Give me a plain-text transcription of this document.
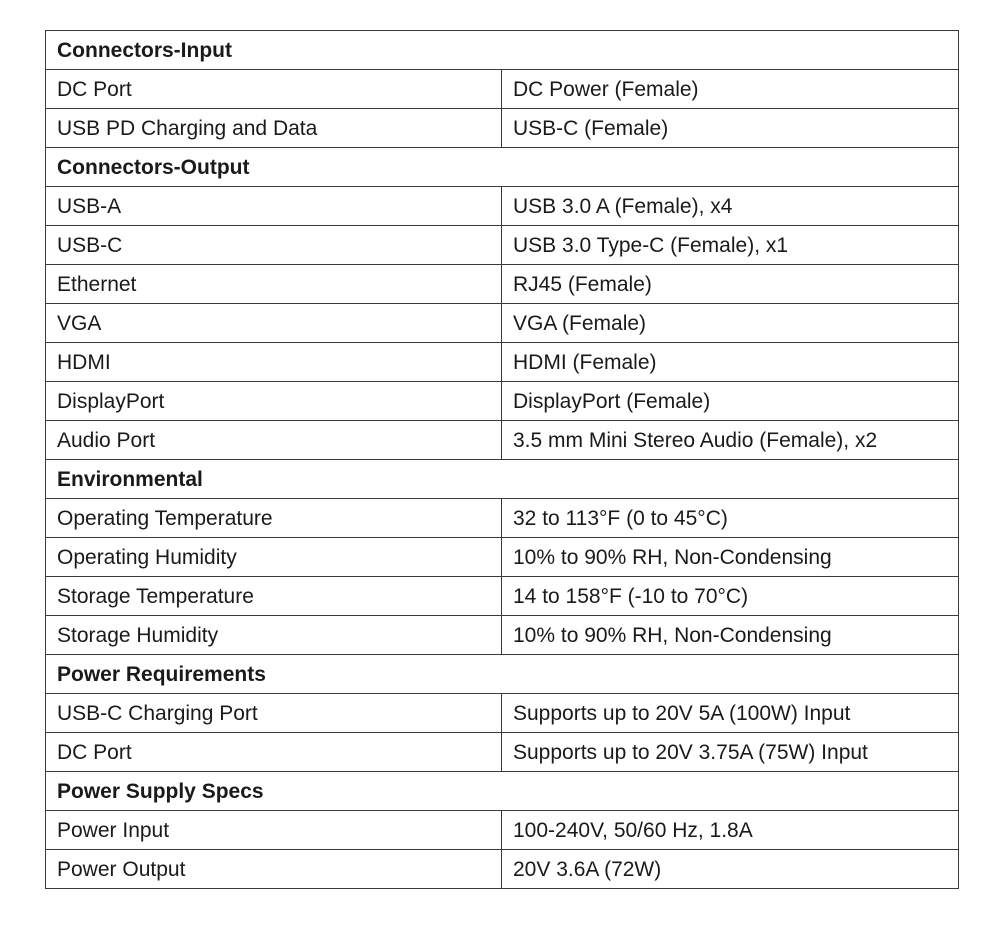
Connectors-Input	
DC Port	DC Power (Female)
USB PD Charging and Data	USB-C (Female)
Connectors-Output	
USB-A	USB 3.0 A (Female), x4
USB-C	USB 3.0 Type-C (Female), x1
Ethernet	RJ45 (Female)
VGA	VGA (Female)
HDMI	HDMI (Female)
DisplayPort	DisplayPort (Female)
Audio Port	3.5 mm Mini Stereo Audio (Female), x2
Environmental	
Operating Temperature	32 to 113°F (0 to 45°C)
Operating Humidity	10% to 90% RH, Non-Condensing
Storage Temperature	14 to 158°F (-10 to 70°C)
Storage Humidity	10% to 90% RH, Non-Condensing
Power Requirements	
USB-C Charging Port	Supports up to 20V 5A (100W) Input
DC Port	Supports up to 20V 3.75A (75W) Input
Power Supply Specs	
Power Input	100-240V, 50/60 Hz, 1.8A
Power Output	20V 3.6A (72W)
